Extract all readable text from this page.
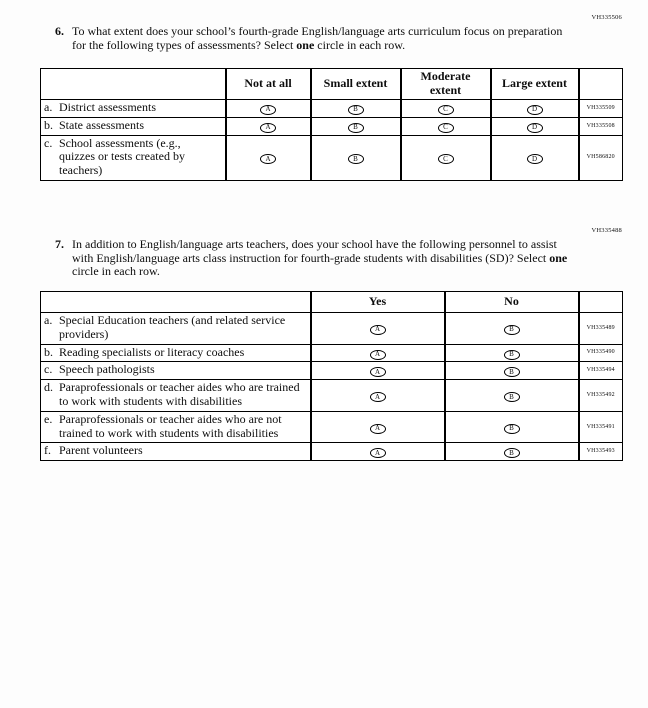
VH335506
6. To what extent does your school’s fourth-grade English/language arts curriculum focus on preparation for the following types of assessments? Select one circle in each row.
	Not at all	Small extent	Moderate extent	Large extent	
a. District assessments	A	B	C	D	VH335509
b. State assessments	A	B	C	D	VH335508
c. School assessments (e.g., quizzes or tests created by teachers)	A	B	C	D	VH586820
VH335488
7. In addition to English/language arts teachers, does your school have the following personnel to assist with English/language arts class instruction for fourth-grade students with disabilities (SD)? Select one circle in each row.
	Yes	No	
a. Special Education teachers (and related service providers)	A	B	VH335489
b. Reading specialists or literacy coaches	A	B	VH335490
c. Speech pathologists	A	B	VH335494
d. Paraprofessionals or teacher aides who are trained to work with students with disabilities	A	B	VH335492
e. Paraprofessionals or teacher aides who are not trained to work with students with disabilities	A	B	VH335491
f. Parent volunteers	A	B	VH335493
